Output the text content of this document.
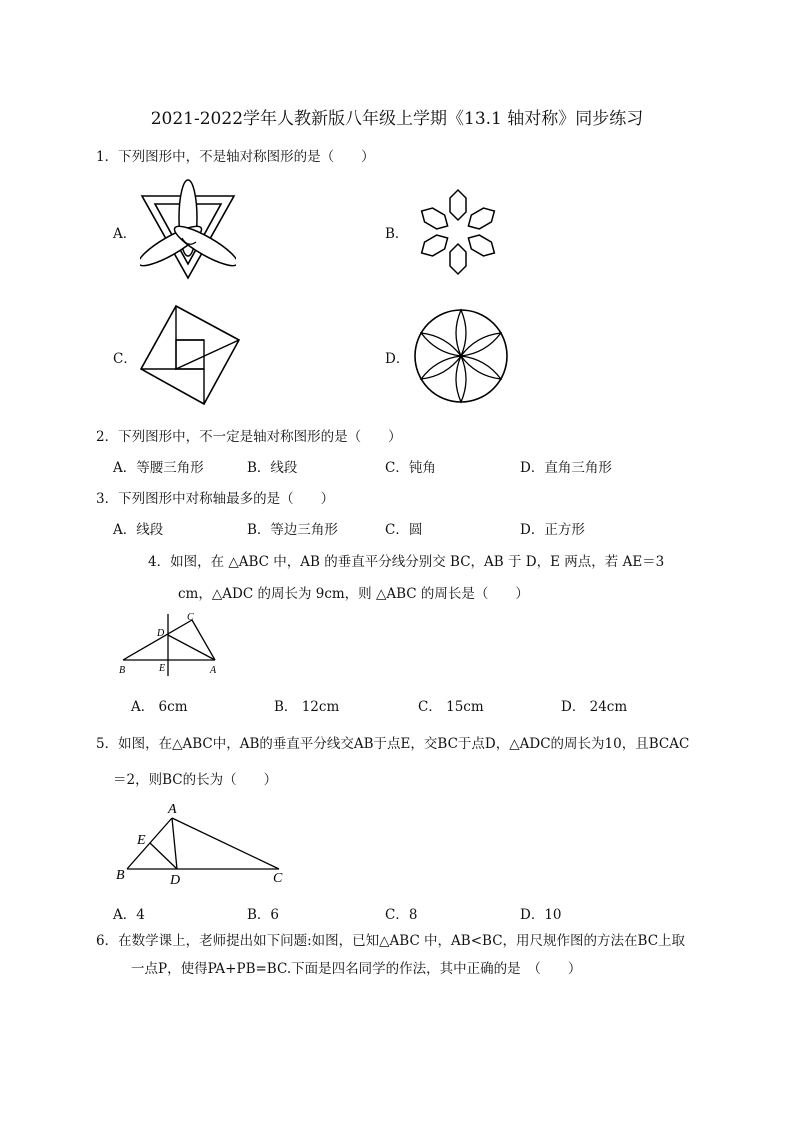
2021-2022学年人教新版八年级上学期《13.1 轴对称》同步练习
1．下列图形中，不是轴对称图形的是（　　）
A．	B．
C．	D．
2．下列图形中，不一定是轴对称图形的是（　　）
A．等腰三角形	B．线段	C．钝角	D．直角三角形
3．下列图形中对称轴最多的是（　　）
A．线段	B．等边三角形	C．圆	D．正方形
4．如图，在 △ABC 中，AB 的垂直平分线分别交 BC，AB 于 D，E 两点，若 AE＝3
cm，△ADC 的周长为 9cm，则 △ABC 的周长是（　　）
C
D
B	E	A
A． 6cm	B． 12cm	C． 15cm	D． 24cm
5．如图，在△ABC中，AB的垂直平分线交AB于点E，交BC于点D，△ADC的周长为10，且BCAC
＝2，则BC的长为（　　）
A
E
B	D	C
A．4	B．6	C．8	D．10
6．在数学课上，老师提出如下问题:如图，已知△ABC 中，AB<BC，用尺规作图的方法在BC上取
一点P，使得PA+PB=BC.下面是四名同学的作法，其中正确的是　（　　）
